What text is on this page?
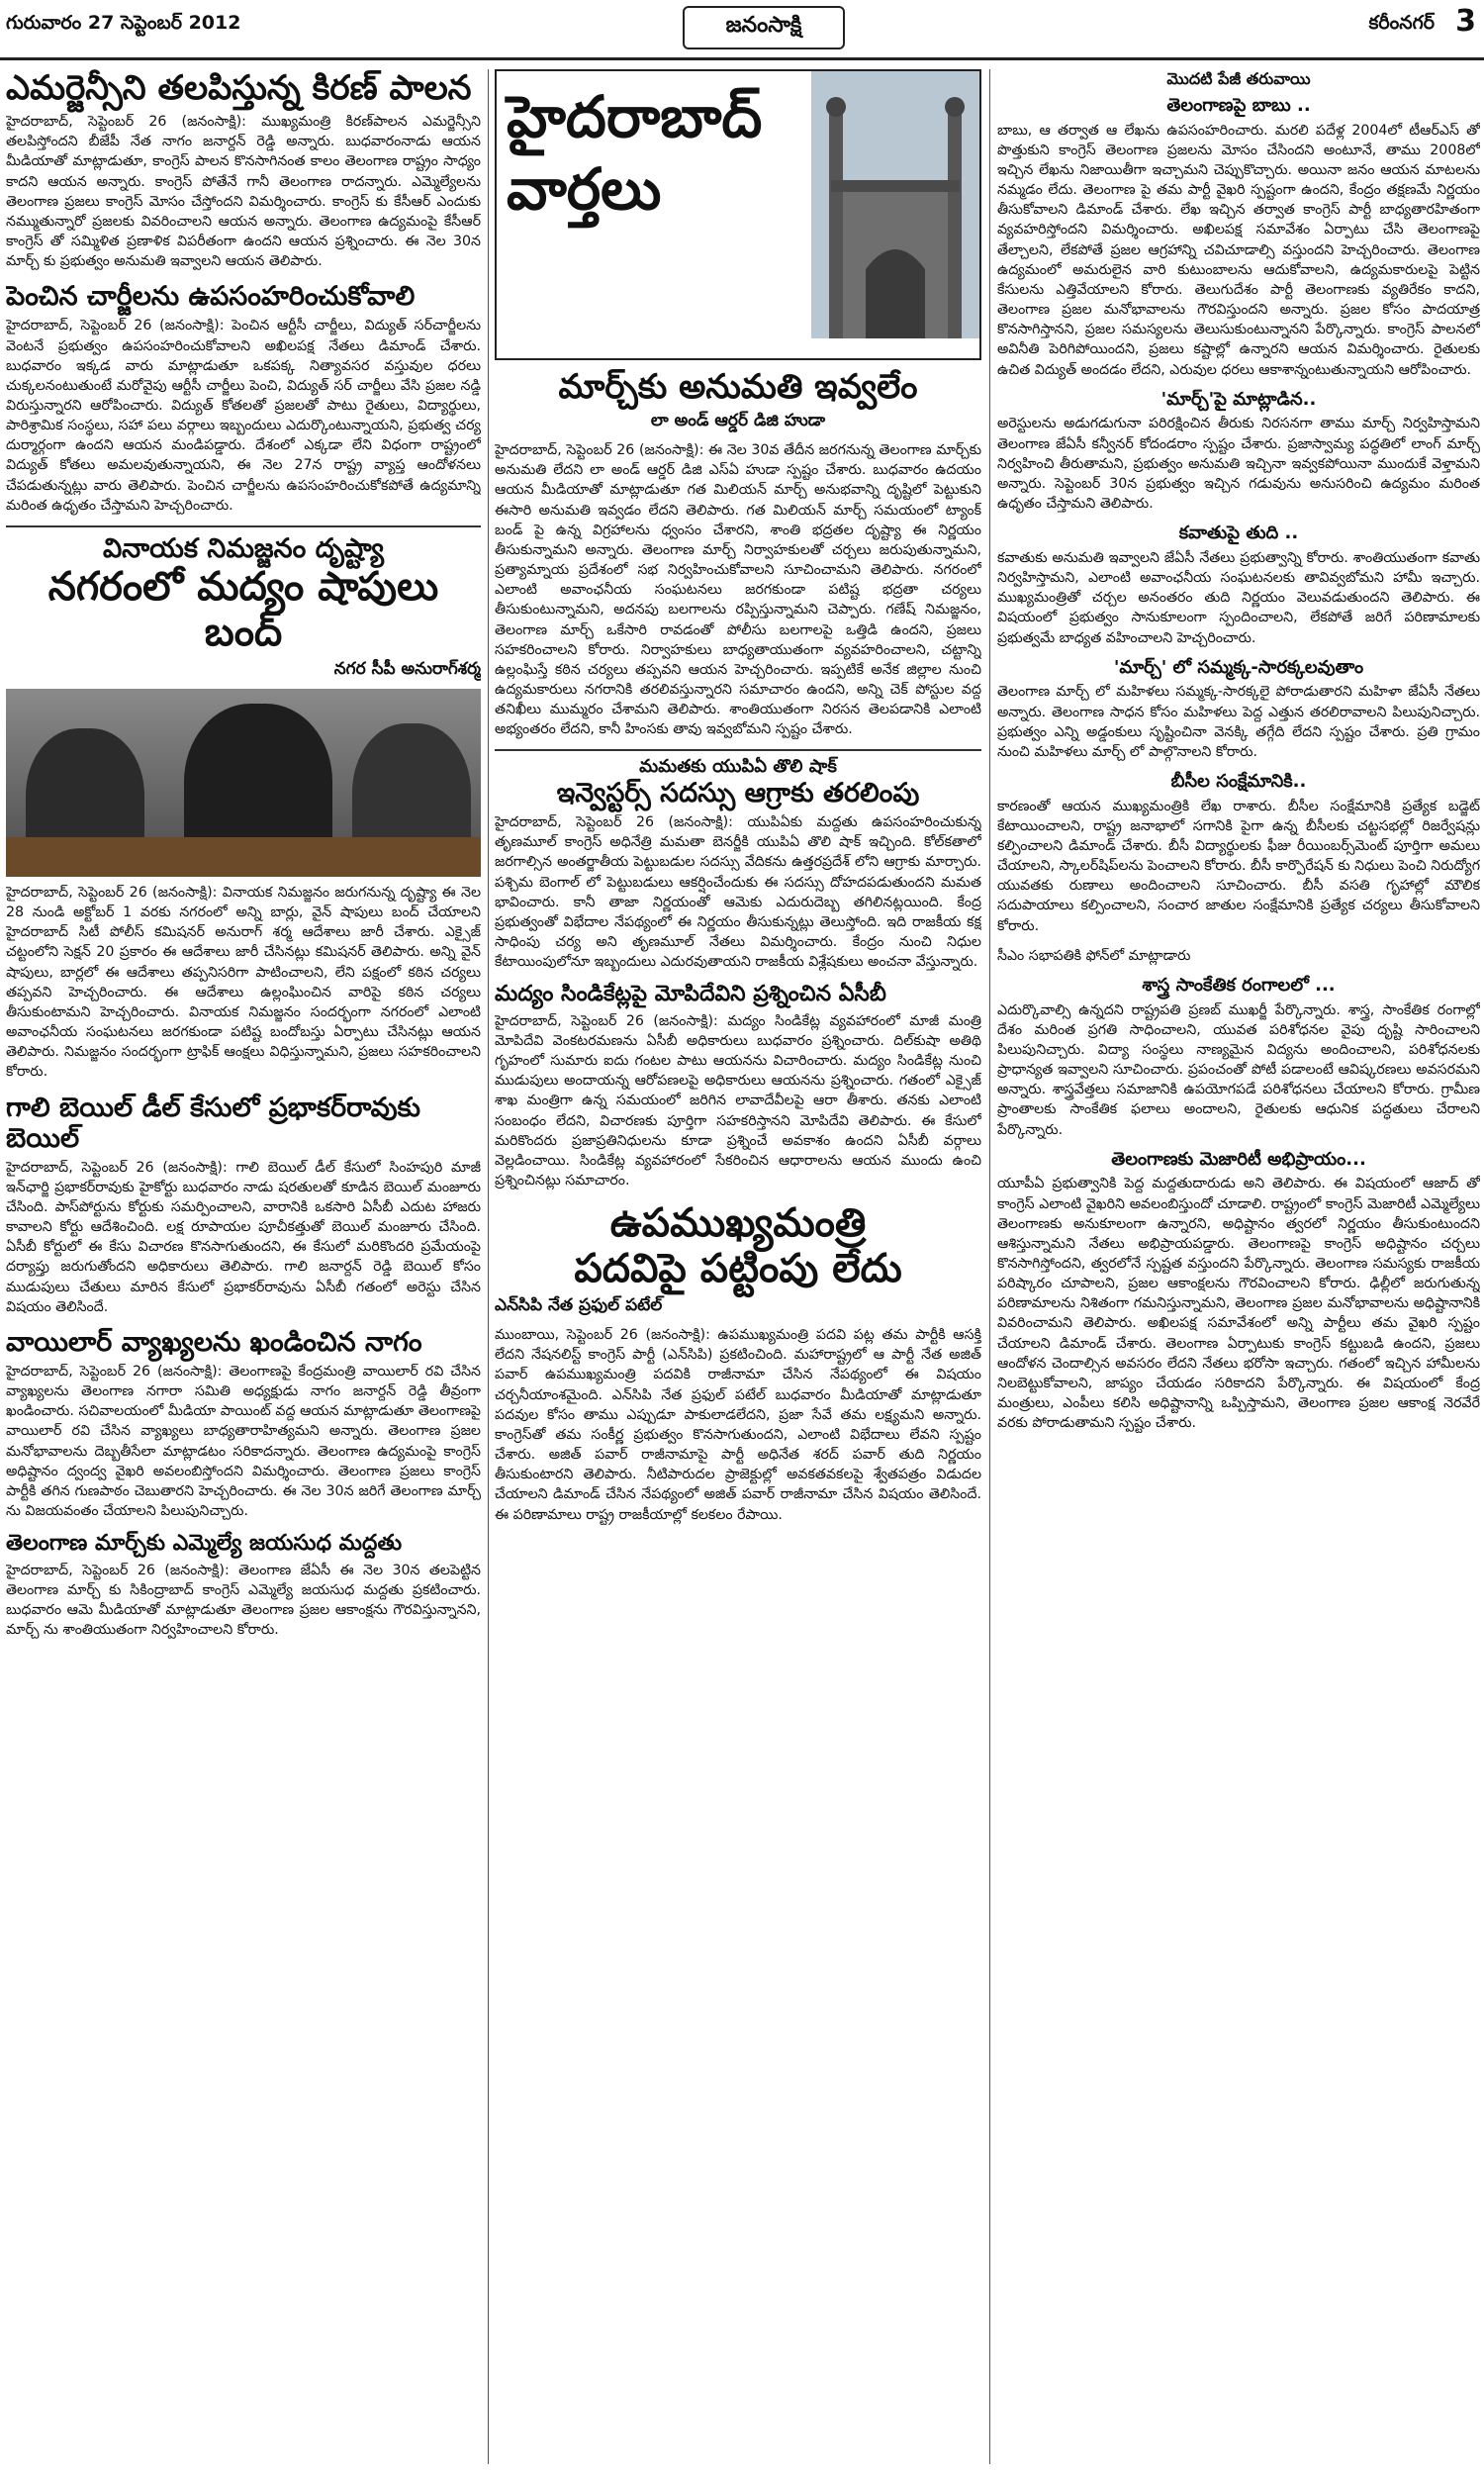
గురువారం 27 సెప్టెంబర్ 2012	జనంసాక్షి	కరీంనగర్ 3
ఎమర్జెన్సీని తలపిస్తున్న కిరణ్ పాలన

హైదరాబాద్, సెప్టెంబర్ 26 (జనంసాక్షి): ముఖ్యమంత్రి కిరణ్‌పాలన ఎమర్జెన్సీని తలపిస్తోందని బీజేపీ నేత నాగం జనార్దన్ రెడ్డి అన్నారు. బుధవారంనాడు ఆయన మీడియాతో మాట్లాడుతూ, కాంగ్రెస్ పాలన కొనసాగినంత కాలం తెలంగాణ రాష్ట్రం సాధ్యం కాదని ఆయన అన్నారు. కాంగ్రెస్ పోతేనే గానీ తెలంగాణ రాదన్నారు. ఎమ్మెల్యేలను తెలంగాణ ప్రజలు కాంగ్రెస్ మోసం చేస్తోందని విమర్శించారు. కాంగ్రెస్ కు కేసీఆర్ ఎందుకు నమ్ముతున్నారో ప్రజలకు వివరించాలని ఆయన అన్నారు. తెలంగాణ ఉద్యమంపై కేసీఆర్ కాంగ్రెస్ తో సమ్మిళిత ప్రణాళిక విపరీతంగా ఉందని ఆయన ప్రశ్నించారు. ఈ నెల 30న మార్చ్ కు ప్రభుత్వం అనుమతి ఇవ్వాలని ఆయన తెలిపారు.

పెంచిన చార్జీలను ఉపసంహరించుకోవాలి

హైదరాబాద్, సెప్టెంబర్ 26 (జనంసాక్షి): పెంచిన ఆర్టీసీ చార్జీలు, విద్యుత్ సర్‌చార్జీలను వెంటనే ప్రభుత్వం ఉపసంహరించుకోవాలని అఖిలపక్ష నేతలు డిమాండ్ చేశారు. బుధవారం ఇక్కడ వారు మాట్లాడుతూ ఒకపక్క నిత్యావసర వస్తువుల ధరలు చుక్కలనంటుతుంటే మరోవైపు ఆర్టీసీ చార్జీలు పెంచి, విద్యుత్ సర్ చార్జీలు వేసి ప్రజల నడ్డి విరుస్తున్నారని ఆరోపించారు. విద్యుత్ కోతలతో ప్రజలతో పాటు రైతులు, విద్యార్థులు, పారిశ్రామిక సంస్థలు, సహా పలు వర్గాలు ఇబ్బందులు ఎదుర్కొంటున్నాయని, ప్రభుత్వ చర్య దుర్మార్గంగా ఉందని ఆయన మండిపడ్డారు. దేశంలో ఎక్కడా లేని విధంగా రాష్ట్రంలో విద్యుత్ కోతలు అమలవుతున్నాయని, ఈ నెల 27న రాష్ట్ర వ్యాప్త ఆందోళనలు చేపడుతున్నట్లు వారు తెలిపారు. పెంచిన చార్జీలను ఉపసంహరించుకోకపోతే ఉద్యమాన్ని మరింత ఉధృతం చేస్తామని హెచ్చరించారు.

వినాయక నిమజ్జనం దృష్ట్యా
నగరంలో మద్యం షాపులు బంద్
నగర సీపీ అనురాగ్‌శర్మ

హైదరాబాద్, సెప్టెంబర్ 26 (జనంసాక్షి): వినాయక నిమజ్జనం జరుగనున్న దృష్ట్యా ఈ నెల 28 నుండి అక్టోబర్ 1 వరకు నగరంలో అన్ని బార్లు, వైన్ షాపులు బంద్ చేయాలని హైదరాబాద్ సిటీ పోలీస్ కమిషనర్ అనురాగ్ శర్మ ఆదేశాలు జారీ చేశారు. ఎక్సైజ్ చట్టంలోని సెక్షన్ 20 ప్రకారం ఈ ఆదేశాలు జారీ చేసినట్లు కమిషనర్ తెలిపారు. అన్ని వైన్ షాపులు, బార్లలో ఈ ఆదేశాలు తప్పనిసరిగా పాటించాలని, లేని పక్షంలో కఠిన చర్యలు తప్పవని హెచ్చరించారు. ఈ ఆదేశాలు ఉల్లంఘించిన వారిపై కఠిన చర్యలు తీసుకుంటామని హెచ్చరించారు. వినాయక నిమజ్జనం సందర్భంగా నగరంలో ఎలాంటి అవాంఛనీయ సంఘటనలు జరగకుండా పటిష్ట బందోబస్తు ఏర్పాటు చేసినట్లు ఆయన తెలిపారు. నిమజ్జనం సందర్భంగా ట్రాఫిక్ ఆంక్షలు విధిస్తున్నామని, ప్రజలు సహకరించాలని కోరారు.

గాలి బెయిల్ డీల్ కేసులో ప్రభాకర్‌రావుకు బెయిల్

హైదరాబాద్, సెప్టెంబర్ 26 (జనంసాక్షి): గాలి బెయిల్ డీల్ కేసులో సింహపురి మాజీ ఇన్‌ఛార్జి ప్రభాకర్‌రావుకు హైకోర్టు బుధవారం నాడు షరతులతో కూడిన బెయిల్ మంజూరు చేసింది. పాస్‌పోర్టును కోర్టుకు సమర్పించాలని, వారానికి ఒకసారి ఏసీబీ ఎదుట హాజరు కావాలని కోర్టు ఆదేశించింది. లక్ష రూపాయల పూచీకత్తుతో బెయిల్ మంజూరు చేసింది. ఏసీబీ కోర్టులో ఈ కేసు విచారణ కొనసాగుతుందని, ఈ కేసులో మరికొందరి ప్రమేయంపై దర్యాప్తు జరుగుతోందని అధికారులు తెలిపారు. గాలి జనార్దన్ రెడ్డి బెయిల్ కోసం ముడుపులు చేతులు మారిన కేసులో ప్రభాకర్‌రావును ఏసీబీ గతంలో అరెస్టు చేసిన విషయం తెలిసిందే.

వాయిలార్ వ్యాఖ్యలను ఖండించిన నాగం

హైదరాబాద్, సెప్టెంబర్ 26 (జనంసాక్షి): తెలంగాణపై కేంద్రమంత్రి వాయిలార్ రవి చేసిన వ్యాఖ్యలను తెలంగాణ నగారా సమితి అధ్యక్షుడు నాగం జనార్దన్ రెడ్డి తీవ్రంగా ఖండించారు. సచివాలయంలో మీడియా పాయింట్ వద్ద ఆయన మాట్లాడుతూ తెలంగాణపై వాయిలార్ రవి చేసిన వ్యాఖ్యలు బాధ్యతారాహిత్యమని అన్నారు. తెలంగాణ ప్రజల మనోభావాలను దెబ్బతీసేలా మాట్లాడటం సరికాదన్నారు. తెలంగాణ ఉద్యమంపై కాంగ్రెస్ అధిష్టానం ద్వంద్వ వైఖరి అవలంబిస్తోందని విమర్శించారు. తెలంగాణ ప్రజలు కాంగ్రెస్ పార్టీకి తగిన గుణపాఠం చెబుతారని హెచ్చరించారు. ఈ నెల 30న జరిగే తెలంగాణ మార్చ్ ను విజయవంతం చేయాలని పిలుపునిచ్చారు.

తెలంగాణ మార్చ్‌కు ఎమ్మెల్యే జయసుధ మద్దతు

హైదరాబాద్, సెప్టెంబర్ 26 (జనంసాక్షి): తెలంగాణ జేఏసీ ఈ నెల 30న తలపెట్టిన తెలంగాణ మార్చ్ కు సికింద్రాబాద్ కాంగ్రెస్ ఎమ్మెల్యే జయసుధ మద్దతు ప్రకటించారు. బుధవారం ఆమె మీడియాతో మాట్లాడుతూ తెలంగాణ ప్రజల ఆకాంక్షను గౌరవిస్తున్నానని, మార్చ్ ను శాంతియుతంగా నిర్వహించాలని కోరారు.

హైదరాబాద్
వార్తలు
మార్చ్‌కు అనుమతి ఇవ్వలేం
లా అండ్ ఆర్డర్ డిజి హుడా

హైదరాబాద్, సెప్టెంబర్ 26 (జనంసాక్షి): ఈ నెల 30వ తేదీన జరగనున్న తెలంగాణ మార్చ్‌కు అనుమతి లేదని లా అండ్ ఆర్డర్ డిజి ఎస్‌ఏ హుడా స్పష్టం చేశారు. బుధవారం ఉదయం ఆయన మీడియాతో మాట్లాడుతూ గత మిలియన్ మార్చ్ అనుభవాన్ని దృష్టిలో పెట్టుకుని ఈసారి అనుమతి ఇవ్వడం లేదని తెలిపారు. గత మిలియన్ మార్చ్ సమయంలో ట్యాంక్ బండ్ పై ఉన్న విగ్రహాలను ధ్వంసం చేశారని, శాంతి భద్రతల దృష్ట్యా ఈ నిర్ణయం తీసుకున్నామని అన్నారు. తెలంగాణ మార్చ్ నిర్వాహకులతో చర్చలు జరుపుతున్నామని, ప్రత్యామ్నాయ ప్రదేశంలో సభ నిర్వహించుకోవాలని సూచించామని తెలిపారు. నగరంలో ఎలాంటి అవాంఛనీయ సంఘటనలు జరగకుండా పటిష్ట భద్రతా చర్యలు తీసుకుంటున్నామని, అదనపు బలగాలను రప్పిస్తున్నామని చెప్పారు. గణేష్ నిమజ్జనం, తెలంగాణ మార్చ్ ఒకేసారి రావడంతో పోలీసు బలగాలపై ఒత్తిడి ఉందని, ప్రజలు సహకరించాలని కోరారు. నిర్వాహకులు బాధ్యతాయుతంగా వ్యవహరించాలని, చట్టాన్ని ఉల్లంఘిస్తే కఠిన చర్యలు తప్పవని ఆయన హెచ్చరించారు. ఇప్పటికే అనేక జిల్లాల నుంచి ఉద్యమకారులు నగరానికి తరలివస్తున్నారని సమాచారం ఉందని, అన్ని చెక్ పోస్టుల వద్ద తనిఖీలు ముమ్మరం చేశామని తెలిపారు. శాంతియుతంగా నిరసన తెలపడానికి ఎలాంటి అభ్యంతరం లేదని, కానీ హింసకు తావు ఇవ్వబోమని స్పష్టం చేశారు.

మమతకు యుపిఏ తొలి షాక్
ఇన్వెస్టర్స్ సదస్సు ఆగ్రాకు తరలింపు

హైదరాబాద్, సెప్టెంబర్ 26 (జనంసాక్షి): యుపిఏకు మద్దతు ఉపసంహరించుకున్న తృణమూల్ కాంగ్రెస్ అధినేత్రి మమతా బెనర్జీకి యుపిఏ తొలి షాక్ ఇచ్చింది. కోల్‌కతాలో జరగాల్సిన అంతర్జాతీయ పెట్టుబడుల సదస్సు వేదికను ఉత్తరప్రదేశ్ లోని ఆగ్రాకు మార్చారు. పశ్చిమ బెంగాల్ లో పెట్టుబడులు ఆకర్షించేందుకు ఈ సదస్సు దోహదపడుతుందని మమత భావించారు. కానీ తాజా నిర్ణయంతో ఆమెకు ఎదురుదెబ్బ తగిలినట్లయింది. కేంద్ర ప్రభుత్వంతో విభేదాల నేపథ్యంలో ఈ నిర్ణయం తీసుకున్నట్లు తెలుస్తోంది. ఇది రాజకీయ కక్ష సాధింపు చర్య అని తృణమూల్ నేతలు విమర్శించారు. కేంద్రం నుంచి నిధుల కేటాయింపులోనూ ఇబ్బందులు ఎదురవుతాయని రాజకీయ విశ్లేషకులు అంచనా వేస్తున్నారు.

మద్యం సిండికేట్లపై మోపిదేవిని ప్రశ్నించిన ఏసీబీ

హైదరాబాద్, సెప్టెంబర్ 26 (జనంసాక్షి): మద్యం సిండికేట్ల వ్యవహారంలో మాజీ మంత్రి మోపిదేవి వెంకటరమణను ఏసీబీ అధికారులు బుధవారం ప్రశ్నించారు. దిల్‌కుషా అతిథి గృహంలో సుమారు ఐదు గంటల పాటు ఆయనను విచారించారు. మద్యం సిండికేట్ల నుంచి ముడుపులు అందాయన్న ఆరోపణలపై అధికారులు ఆయనను ప్రశ్నించారు. గతంలో ఎక్సైజ్ శాఖ మంత్రిగా ఉన్న సమయంలో జరిగిన లావాదేవీలపై ఆరా తీశారు. తనకు ఎలాంటి సంబంధం లేదని, విచారణకు పూర్తిగా సహకరిస్తానని మోపిదేవి తెలిపారు. ఈ కేసులో మరికొందరు ప్రజాప్రతినిధులను కూడా ప్రశ్నించే అవకాశం ఉందని ఏసీబీ వర్గాలు వెల్లడించాయి. సిండికేట్ల వ్యవహారంలో సేకరించిన ఆధారాలను ఆయన ముందు ఉంచి ప్రశ్నించినట్లు సమాచారం.

ఉపముఖ్యమంత్రి
పదవిపై పట్టింపు లేదు
ఎన్‌సిపి నేత ప్రఫుల్ పటేల్

ముంబాయి, సెప్టెంబర్ 26 (జనంసాక్షి): ఉపముఖ్యమంత్రి పదవి పట్ల తమ పార్టీకి ఆసక్తి లేదని నేషనలిస్ట్ కాంగ్రెస్ పార్టీ (ఎన్‌సిపి) ప్రకటించింది. మహారాష్ట్రలో ఆ పార్టీ నేత అజిత్ పవార్ ఉపముఖ్యమంత్రి పదవికి రాజీనామా చేసిన నేపథ్యంలో ఈ విషయం చర్చనీయాంశమైంది. ఎన్‌సిపి నేత ప్రఫుల్ పటేల్ బుధవారం మీడియాతో మాట్లాడుతూ పదవుల కోసం తాము ఎప్పుడూ పాకులాడలేదని, ప్రజా సేవే తమ లక్ష్యమని అన్నారు. కాంగ్రెస్‌తో తమ సంకీర్ణ ప్రభుత్వం కొనసాగుతుందని, ఎలాంటి విభేదాలు లేవని స్పష్టం చేశారు. అజిత్ పవార్ రాజీనామాపై పార్టీ అధినేత శరద్ పవార్ తుది నిర్ణయం తీసుకుంటారని తెలిపారు. నీటిపారుదల ప్రాజెక్టుల్లో అవకతవకలపై శ్వేతపత్రం విడుదల చేయాలని డిమాండ్ చేసిన నేపథ్యంలో అజిత్ పవార్ రాజీనామా చేసిన విషయం తెలిసిందే. ఈ పరిణామాలు రాష్ట్ర రాజకీయాల్లో కలకలం రేపాయి.

మొదటి పేజీ తరువాయి
తెలంగాణపై బాబు ..

బాబు, ఆ తర్వాత ఆ లేఖను ఉపసంహరించారు. మరలి పదేళ్ల 2004లో టీఆర్ఎస్ తో పొత్తుకుని కాంగ్రెస్ తెలంగాణ ప్రజలను మోసం చేసిందని అంటూనే, తాము 2008లో ఇచ్చిన లేఖను నిజాయితీగా ఇచ్చామని చెప్పుకొచ్చారు. అయినా జనం ఆయన మాటలను నమ్మడం లేదు. తెలంగాణ పై తమ పార్టీ వైఖరి స్పష్టంగా ఉందని, కేంద్రం తక్షణమే నిర్ణయం తీసుకోవాలని డిమాండ్ చేశారు. లేఖ ఇచ్చిన తర్వాత కాంగ్రెస్ పార్టీ బాధ్యతారహితంగా వ్యవహరిస్తోందని విమర్శించారు. అఖిలపక్ష సమావేశం ఏర్పాటు చేసి తెలంగాణపై తేల్చాలని, లేకపోతే ప్రజల ఆగ్రహాన్ని చవిచూడాల్సి వస్తుందని హెచ్చరించారు. తెలంగాణ ఉద్యమంలో అమరులైన వారి కుటుంబాలను ఆదుకోవాలని, ఉద్యమకారులపై పెట్టిన కేసులను ఎత్తివేయాలని కోరారు. తెలుగుదేశం పార్టీ తెలంగాణకు వ్యతిరేకం కాదని, తెలంగాణ ప్రజల మనోభావాలను గౌరవిస్తుందని అన్నారు. ప్రజల కోసం పాదయాత్ర కొనసాగిస్తానని, ప్రజల సమస్యలను తెలుసుకుంటున్నానని పేర్కొన్నారు. కాంగ్రెస్ పాలనలో అవినీతి పెరిగిపోయిందని, ప్రజలు కష్టాల్లో ఉన్నారని ఆయన విమర్శించారు. రైతులకు ఉచిత విద్యుత్ అందడం లేదని, ఎరువుల ధరలు ఆకాశాన్నంటుతున్నాయని ఆరోపించారు.

'మార్చ్'పై మాట్లాడిన..

అరెస్టులను అడుగడుగునా పరిరక్షించిన తీరుకు నిరసనగా తాము మార్చ్ నిర్వహిస్తామని తెలంగాణ జేఏసీ కన్వీనర్ కోదండరాం స్పష్టం చేశారు. ప్రజాస్వామ్య పద్ధతిలో లాంగ్ మార్చ్ నిర్వహించి తీరుతామని, ప్రభుత్వం అనుమతి ఇచ్చినా ఇవ్వకపోయినా ముందుకే వెళ్తామని అన్నారు. సెప్టెంబర్ 30న ప్రభుత్వం ఇచ్చిన గడువును అనుసరించి ఉద్యమం మరింత ఉధృతం చేస్తామని తెలిపారు.

కవాతుపై తుది ..

కవాతుకు అనుమతి ఇవ్వాలని జేఏసీ నేతలు ప్రభుత్వాన్ని కోరారు. శాంతియుతంగా కవాతు నిర్వహిస్తామని, ఎలాంటి అవాంఛనీయ సంఘటనలకు తావివ్వబోమని హామీ ఇచ్చారు. ముఖ్యమంత్రితో చర్చల అనంతరం తుది నిర్ణయం వెలువడుతుందని తెలిపారు. ఈ విషయంలో ప్రభుత్వం సానుకూలంగా స్పందించాలని, లేకపోతే జరిగే పరిణామాలకు ప్రభుత్వమే బాధ్యత వహించాలని హెచ్చరించారు.

'మార్చ్' లో సమ్మక్క-సారక్కలవుతాం

తెలంగాణ మార్చ్ లో మహిళలు సమ్మక్క-సారక్కలై పోరాడుతారని మహిళా జేఏసీ నేతలు అన్నారు. తెలంగాణ సాధన కోసం మహిళలు పెద్ద ఎత్తున తరలిరావాలని పిలుపునిచ్చారు. ప్రభుత్వం ఎన్ని అడ్డంకులు సృష్టించినా వెనక్కి తగ్గేది లేదని స్పష్టం చేశారు. ప్రతి గ్రామం నుంచి మహిళలు మార్చ్ లో పాల్గొనాలని కోరారు.

బీసీల సంక్షేమానికి..

కారణంతో ఆయన ముఖ్యమంత్రికి లేఖ రాశారు. బీసీల సంక్షేమానికి ప్రత్యేక బడ్జెట్ కేటాయించాలని, రాష్ట్ర జనాభాలో సగానికి పైగా ఉన్న బీసీలకు చట్టసభల్లో రిజర్వేషన్లు కల్పించాలని డిమాండ్ చేశారు. బీసీ విద్యార్థులకు ఫీజు రీయింబర్స్‌మెంట్ పూర్తిగా అమలు చేయాలని, స్కాలర్‌షిప్‌లను పెంచాలని కోరారు. బీసీ కార్పొరేషన్ కు నిధులు పెంచి నిరుద్యోగ యువతకు రుణాలు అందించాలని సూచించారు. బీసీ వసతి గృహాల్లో మౌలిక సదుపాయాలు కల్పించాలని, సంచార జాతుల సంక్షేమానికి ప్రత్యేక చర్యలు తీసుకోవాలని కోరారు.

సీఎం సభాపతికి ఫోన్‌లో మాట్లాడారు

శాస్త్ర సాంకేతిక రంగాలలో ...

ఎదుర్కొవాల్సి ఉన్నదని రాష్ట్రపతి ప్రణబ్ ముఖర్జీ పేర్కొన్నారు. శాస్త్ర, సాంకేతిక రంగాల్లో దేశం మరింత ప్రగతి సాధించాలని, యువత పరిశోధనల వైపు దృష్టి సారించాలని పిలుపునిచ్చారు. విద్యా సంస్థలు నాణ్యమైన విద్యను అందించాలని, పరిశోధనలకు ప్రాధాన్యత ఇవ్వాలని సూచించారు. ప్రపంచంతో పోటీ పడాలంటే ఆవిష్కరణలు అవసరమని అన్నారు. శాస్త్రవేత్తలు సమాజానికి ఉపయోగపడే పరిశోధనలు చేయాలని కోరారు. గ్రామీణ ప్రాంతాలకు సాంకేతిక ఫలాలు అందాలని, రైతులకు ఆధునిక పద్ధతులు చేరాలని పేర్కొన్నారు.

తెలంగాణకు మెజారిటీ అభిప్రాయం...

యూపీఏ ప్రభుత్వానికి పెద్ద మద్దతుదారుడు అని తెలిపారు. ఈ విషయంలో ఆజాద్ తో కాంగ్రెస్ ఎలాంటి వైఖరిని అవలంబిస్తుందో చూడాలి. రాష్ట్రంలో కాంగ్రెస్ మెజారిటీ ఎమ్మెల్యేలు తెలంగాణకు అనుకూలంగా ఉన్నారని, అధిష్టానం త్వరలో నిర్ణయం తీసుకుంటుందని ఆశిస్తున్నామని నేతలు అభిప్రాయపడ్డారు. తెలంగాణపై కాంగ్రెస్ అధిష్టానం చర్చలు కొనసాగిస్తోందని, త్వరలోనే స్పష్టత వస్తుందని పేర్కొన్నారు. తెలంగాణ సమస్యకు రాజకీయ పరిష్కారం చూపాలని, ప్రజల ఆకాంక్షలను గౌరవించాలని కోరారు. ఢిల్లీలో జరుగుతున్న పరిణామాలను నిశితంగా గమనిస్తున్నామని, తెలంగాణ ప్రజల మనోభావాలను అధిష్టానానికి వివరించామని తెలిపారు. అఖిలపక్ష సమావేశంలో అన్ని పార్టీలు తమ వైఖరి స్పష్టం చేయాలని డిమాండ్ చేశారు. తెలంగాణ ఏర్పాటుకు కాంగ్రెస్ కట్టుబడి ఉందని, ప్రజలు ఆందోళన చెందాల్సిన అవసరం లేదని నేతలు భరోసా ఇచ్చారు. గతంలో ఇచ్చిన హామీలను నిలబెట్టుకోవాలని, జాప్యం చేయడం సరికాదని పేర్కొన్నారు. ఈ విషయంలో కేంద్ర మంత్రులు, ఎంపీలు కలిసి అధిష్టానాన్ని ఒప్పిస్తామని, తెలంగాణ ప్రజల ఆకాంక్ష నెరవేరే వరకు పోరాడుతామని స్పష్టం చేశారు.
